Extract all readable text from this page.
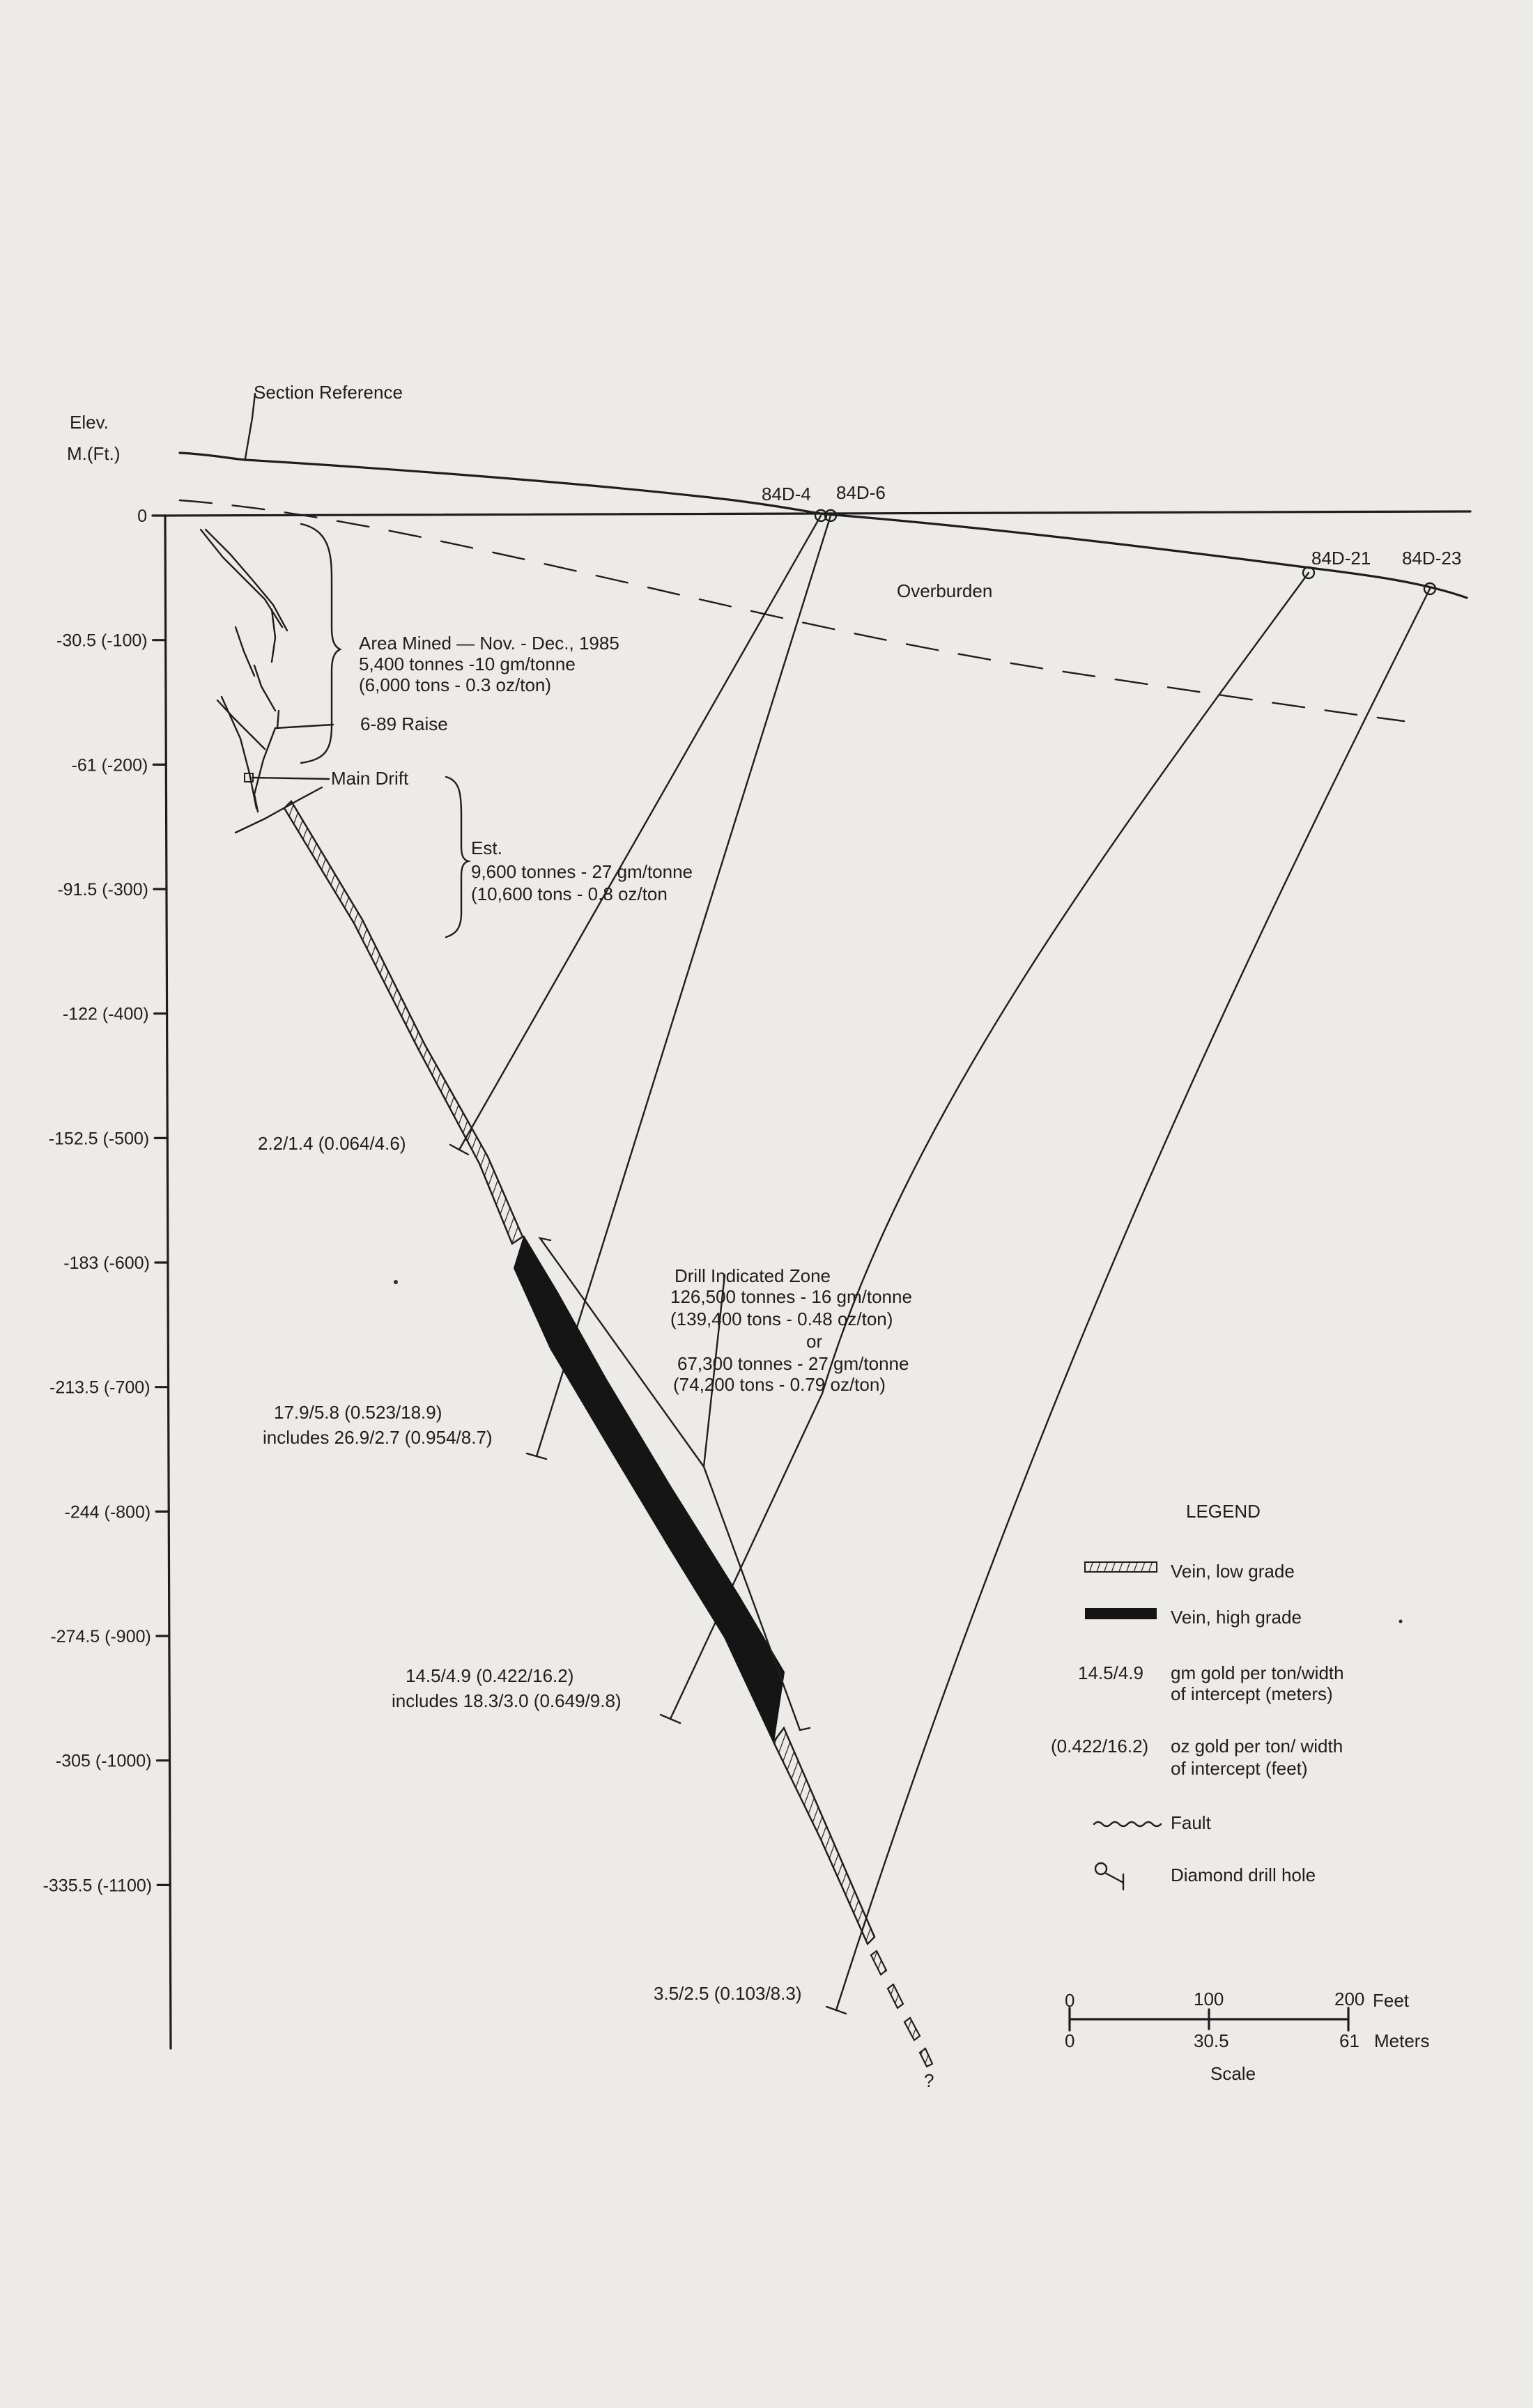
Elev.
M.(Ft.)
0
-30.5 (-100)
-61 (-200)
-91.5 (-300)
-122 (-400)
-152.5 (-500)
-183 (-600)
-213.5 (-700)
-244 (-800)
-274.5 (-900)
-305 (-1000)
-335.5 (-1100)
Section Reference
Overburden
84D-4 84D-6
84D-21 84D-23
6-89 Raise
Main Drift
?
Area Mined — Nov. - Dec., 1985
5,400 tonnes -10 gm/tonne
(6,000 tons - 0.3 oz/ton)
Est.
9,600 tonnes - 27 gm/tonne
(10,600 tons - 0.8 oz/ton
Drill Indicated Zone
126,500 tonnes - 16 gm/tonne
(139,400 tons - 0.48 oz/ton)
or
67,300 tonnes - 27 gm/tonne
(74,200 tons - 0.79 oz/ton)
2.2/1.4 (0.064/4.6)
17.9/5.8 (0.523/18.9)
includes 26.9/2.7 (0.954/8.7)
14.5/4.9 (0.422/16.2)
includes 18.3/3.0 (0.649/9.8)
3.5/2.5 (0.103/8.3)
LEGEND
Vein, low grade
Vein, high grade
14.5/4.9 gm gold per ton/width
of intercept (meters)
(0.422/16.2) oz gold per ton/ width
of intercept (feet)
Fault
Diamond drill hole
0	100	200 Feet
0	30.5	61 Meters
Scale
